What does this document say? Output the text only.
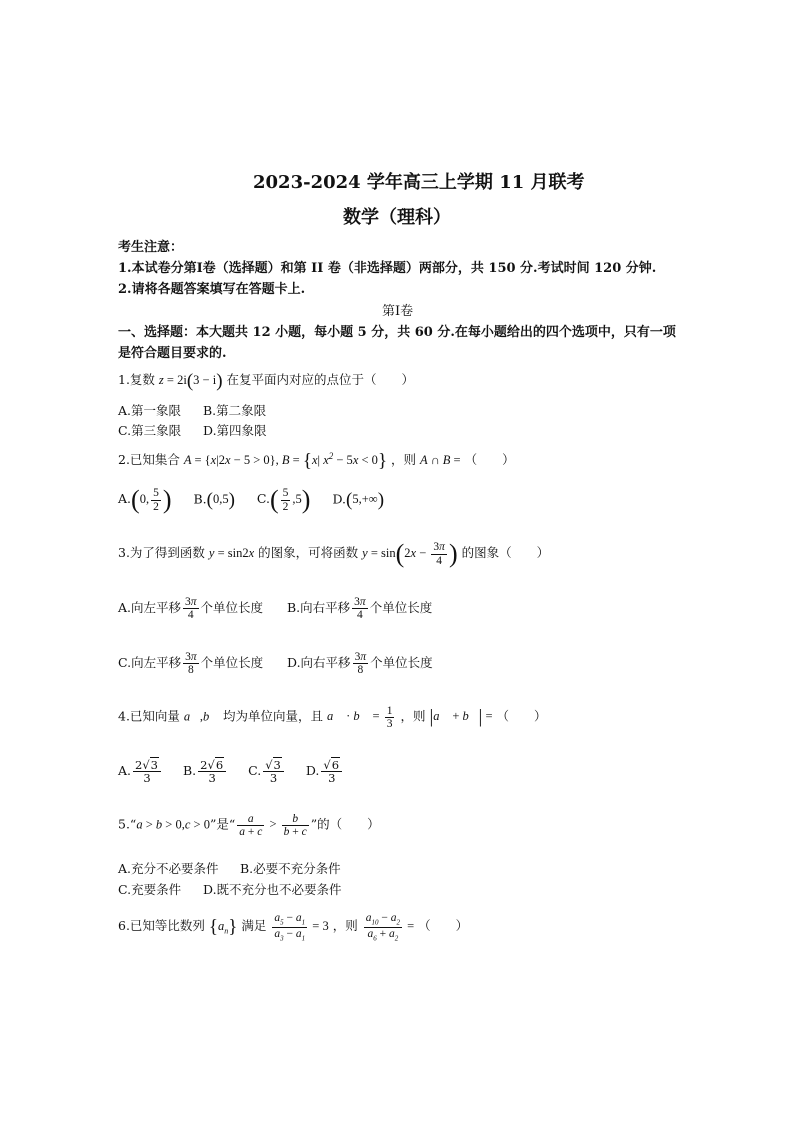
2023-2024 学年高三上学期 11 月联考
数学（理科）
考生注意：
1.本试卷分第Ⅰ卷（选择题）和第 II 卷（非选择题）两部分，共 150 分.考试时间 120 分钟.
2.请将各题答案填写在答题卡上.
第Ⅰ卷
一、选择题：本大题共 12 小题，每小题 5 分，共 60 分.在每小题给出的四个选项中，只有一项
是符合题目要求的.
1.复数 z = 2i(3 − i) 在复平面内对应的点位于（　　）
A.第一象限 B.第二象限
C.第三象限 D.第四象限
2.已知集合 A = {x|2x − 5 > 0}, B = {x| $x^2 - 5x < 0$} ，则 A ∩ B = （　　）
A.(0, $\frac{5}{2}$ ) B.(0,5) $C.( \frac{5}{2} ,5)$ D.(5,+∞)
3.为了得到函数 y = sin2x 的图象，可将函数 $y = \sin(2x - \frac{3\pi}{4}$ ) 的图象（　　）
A.向左平移 $\frac{3\pi}{4}$ 个单位长度 B.向右平移 $\frac{3\pi}{4}$ 个单位长度
C.向左平移 $\frac{3\pi}{8}$ 个单位长度 D.向右平移 $\frac{3\pi}{8}$ 个单位长度
4.已知向量 a⃗,b⃗ 均为单位向量，且 a⃗ · b⃗ = $\frac{1}{3}$ ，则 |a⃗ + b⃗| = （　　）
A. $\frac{2√3}{3} B$. $\frac{2√6}{3} C$. $\frac{√3}{3} D$. $\frac{√6}{3}$
5.“a > b > 0,c > 0”是“ $\frac{a}{a + c} > \frac{b}{b + c}$ ”的（　　）
A.充分不必要条件 B.必要不充分条件
C.充要条件 D.既不充分也不必要条件
6.已知等比数列 $\{a_n\}$ 满足 $\frac{a_5 - a_1}{a_3 - a_1} = 3$ ，则 $\frac{a_{10} - a_2}{a_6 + a_2}$ = （　　）
